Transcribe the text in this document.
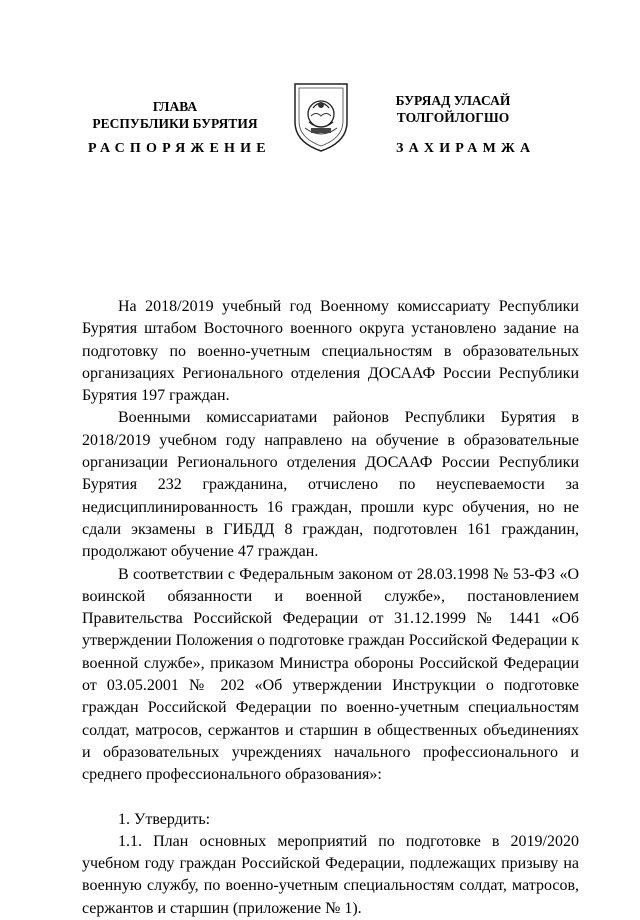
ГЛАВА
РЕСПУБЛИКИ БУРЯТИЯ
БУРЯАД УЛАСАЙ
ТОЛГОЙЛОГШО
РАСПОРЯЖЕНИЕ	ЗАХИРАМЖА

На 2018/2019 учебный год Военному комиссариату Республики Бурятия штабом Восточного военного округа установлено задание на подготовку по военно-учетным специальностям в образовательных организациях Регионального отделения ДОСААФ России Республики Бурятия 197 граждан.

Военными комиссариатами районов Республики Бурятия в 2018/2019 учебном году направлено на обучение в образовательные организации Регионального отделения ДОСААФ России Республики Бурятия 232 гражданина, отчислено по неуспеваемости за недисциплинированность 16 граждан, прошли курс обучения, но не сдали экзамены в ГИБДД 8 граждан, подготовлен 161 гражданин, продолжают обучение 47 граждан.

В соответствии с Федеральным законом от 28.03.1998 № 53-ФЗ «О воинской обязанности и военной службе», постановлением Правительства Российской Федерации от 31.12.1999 № 1441 «Об утверждении Положения о подготовке граждан Российской Федерации к военной службе», приказом Министра обороны Российской Федерации от 03.05.2001 № 202 «Об утверждении Инструкции о подготовке граждан Российской Федерации по военно-учетным специальностям солдат, матросов, сержантов и старшин в общественных объединениях и образовательных учреждениях начального профессионального и среднего профессионального образования»:

1. Утвердить:

1.1. План основных мероприятий по подготовке в 2019/2020 учебном году граждан Российской Федерации, подлежащих призыву на военную службу, по военно-учетным специальностям солдат, матросов, сержантов и старшин (приложение № 1).
